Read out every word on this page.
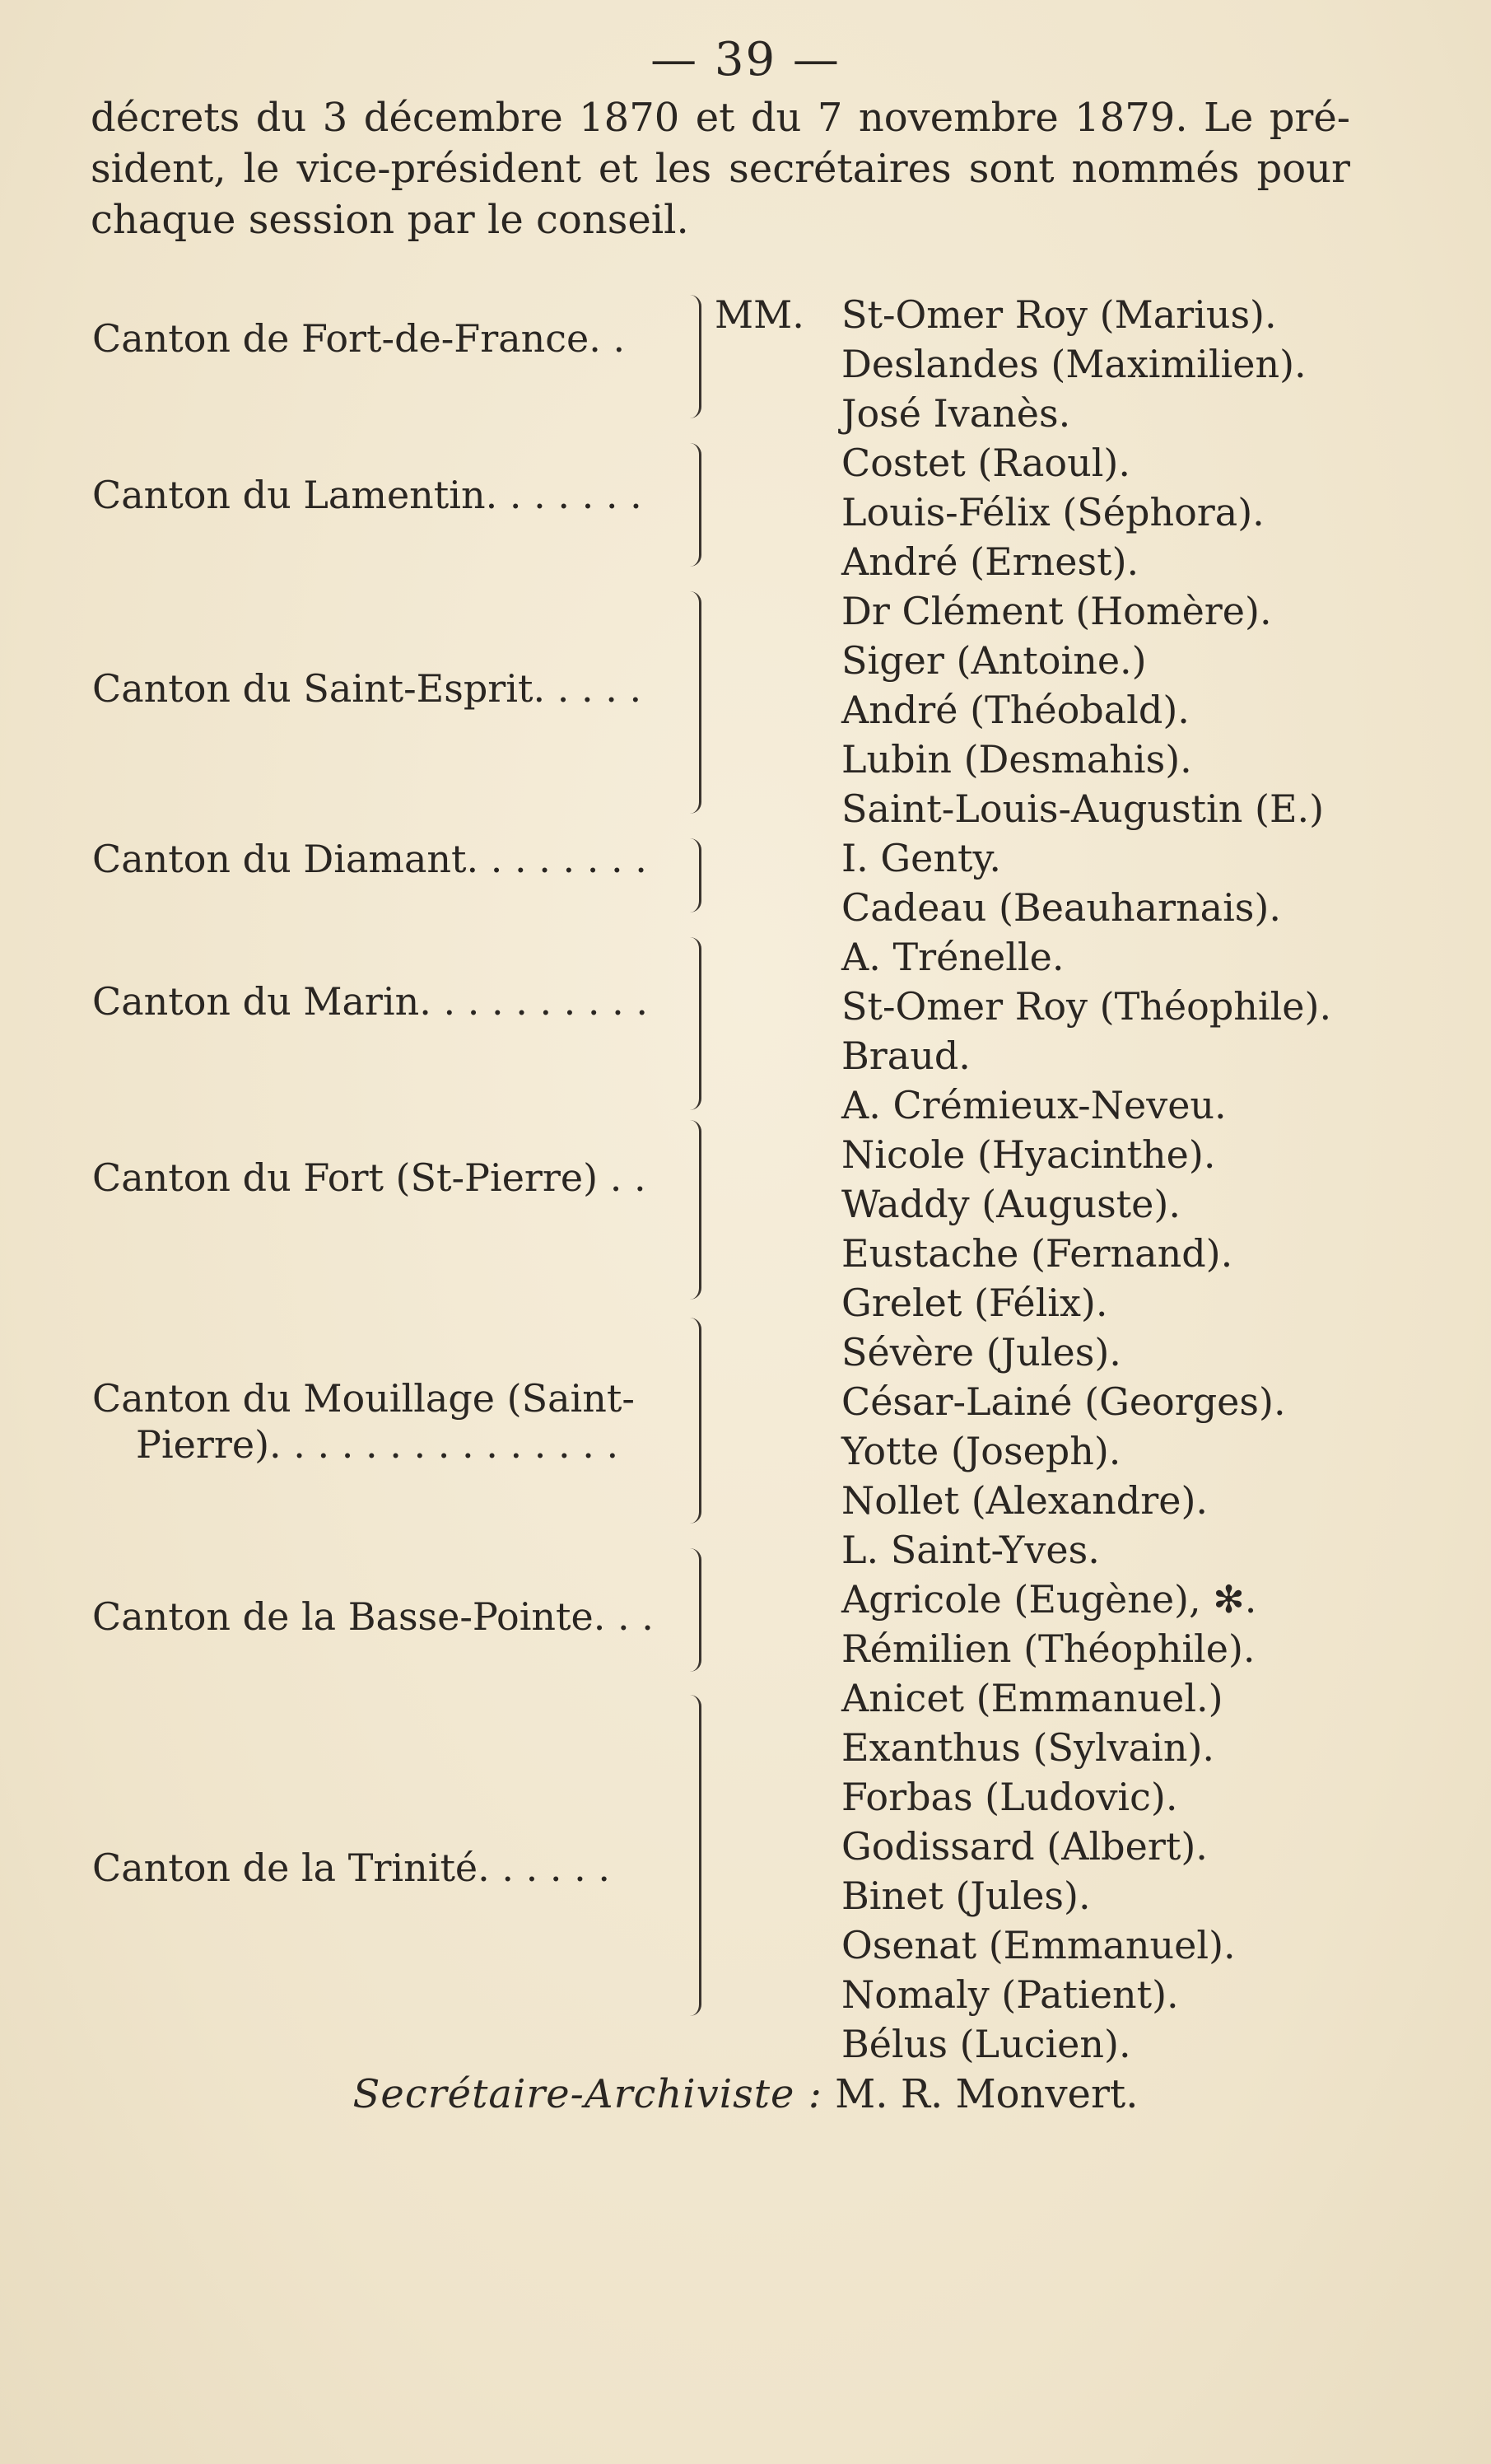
— 39 —
décrets du 3 décembre 1870 et du 7 novembre 1879. Le pré-
sident, le vice-président et les secrétaires sont nommés pour
chaque session par le conseil.
Canton de Fort-de-France. .
Canton du Lamentin. . . . . . .
Canton du Saint-Esprit. . . . .
Canton du Diamant. . . . . . . .
Canton du Marin. . . . . . . . . .
Canton du Fort (St-Pierre) . .
Canton du Mouillage (Saint-
Pierre). . . . . . . . . . . . . . .
Canton de la Basse-Pointe. . .
Canton de la Trinité. . . . . .
MM. St-Omer Roy (Marius).
Deslandes (Maximilien).
José Ivanès.
Costet (Raoul).
Louis-Félix (Séphora).
André (Ernest).
Dr Clément (Homère).
Siger (Antoine.)
André (Théobald).
Lubin (Desmahis).
Saint-Louis-Augustin (E.)
I. Genty.
Cadeau (Beauharnais).
A. Trénelle.
St-Omer Roy (Théophile).
Braud.
A. Crémieux-Neveu.
Nicole (Hyacinthe).
Waddy (Auguste).
Eustache (Fernand).
Grelet (Félix).
Sévère (Jules).
César-Lainé (Georges).
Yotte (Joseph).
Nollet (Alexandre).
L. Saint-Yves.
Agricole (Eugène), ✻.
Rémilien (Théophile).
Anicet (Emmanuel.)
Exanthus (Sylvain).
Forbas (Ludovic).
Godissard (Albert).
Binet (Jules).
Osenat (Emmanuel).
Nomaly (Patient).
Bélus (Lucien).
Secrétaire-Archiviste : M. R. Monvert.
